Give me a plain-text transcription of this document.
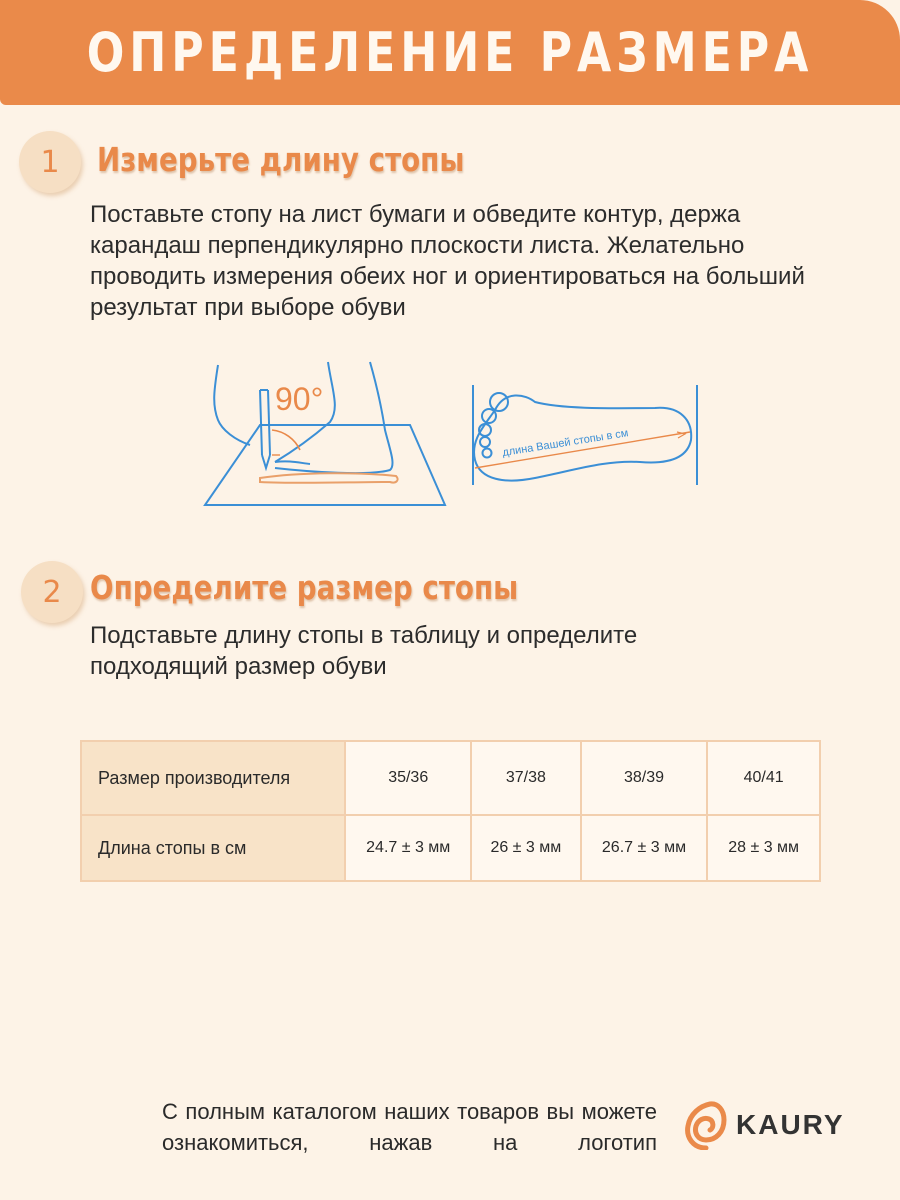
ОПРЕДЕЛЕНИЕ РАЗМЕРА
1 Измерьте длину стопы
Поставьте стопу на лист бумаги и обведите контур, держа карандаш перпендикулярно плоскости листа. Желательно проводить измерения обеих ног и ориентироваться на больший результат при выборе обуви
90°
длина Вашей стопы в см
2 Определите размер стопы
Подставьте длину стопы в таблицу и определите подходящий размер обуви
Размер производителя	35/36	37/38	38/39	40/41
Длина стопы в см	24.7 ± 3 мм	26 ± 3 мм	26.7 ± 3 мм	28 ± 3 мм
С полным каталогом наших товаров вы можете ознакомиться, нажав на логотип
KAURY
